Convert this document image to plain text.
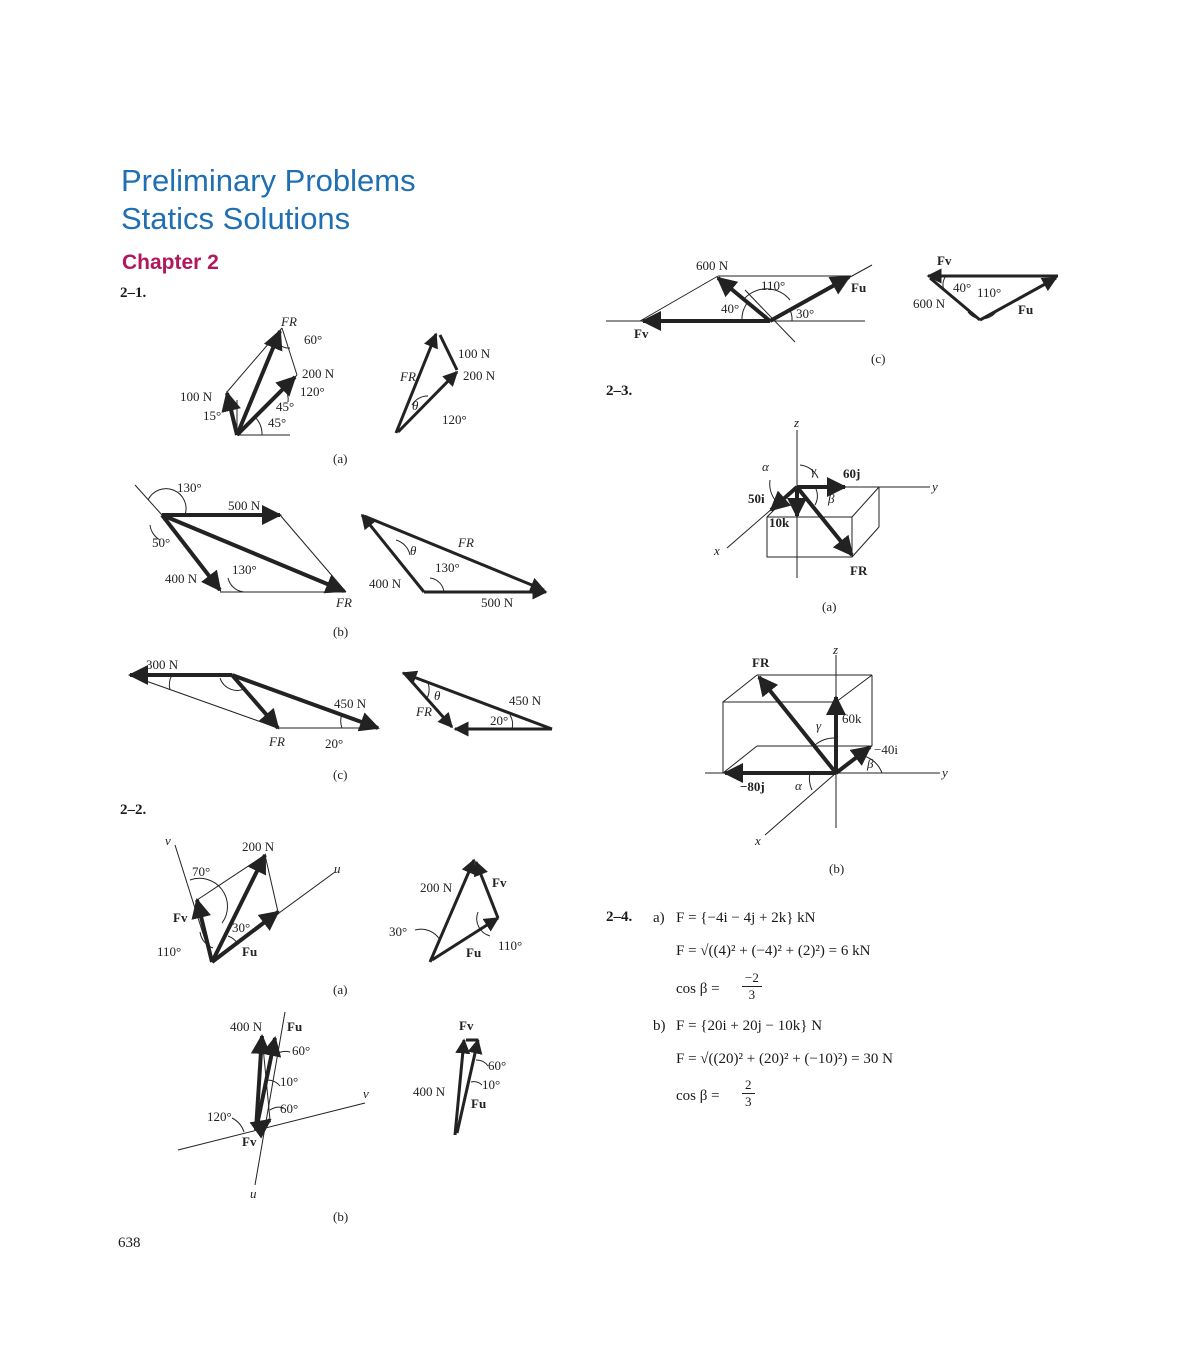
Preliminary Problems
Statics Solutions
Chapter 2
2–1.
2–2.
2–3.
638
FR
60°
200 N
120°
100 N
15°
45°
45°
FR
θ
100 N
200 N
120°
(a)
130°
500 N
50°
400 N
130°
FR
θ
FR
400 N
130°
500 N
(b)
300 N
450 N
FR	20°
θ
FR
450 N
20°
(c)
v
u
200 N
70°
Fv
30°
Fu
110°
200 N	Fv
30°
Fu 110°
(a)
400 N Fu
60°
10°
60°
120°
Fv
v
u
Fv
60°
10°
400 N
Fu
(b)
600 N
110°
40°	30°
Fu
Fv
Fv
40° 110°
600 N	Fu
(c)
z
y
x
α	γ 60j
β
50i
10k
FR
(a)
z
y
x
FR
60k
γ
−40i
β
α
−80j
(b)
2–4. a) F = {−4i − 4j + 2k} kN
F = √((4)² + (−4)² + (2)²) = 6 kN
$\cos \beta = \frac{-2}{3}$
b) F = {20i + 20j − 10k} N
F = √((20)² + (20)² + (−10)²) = 30 N
$\cos \beta = \frac{2}{3}$
